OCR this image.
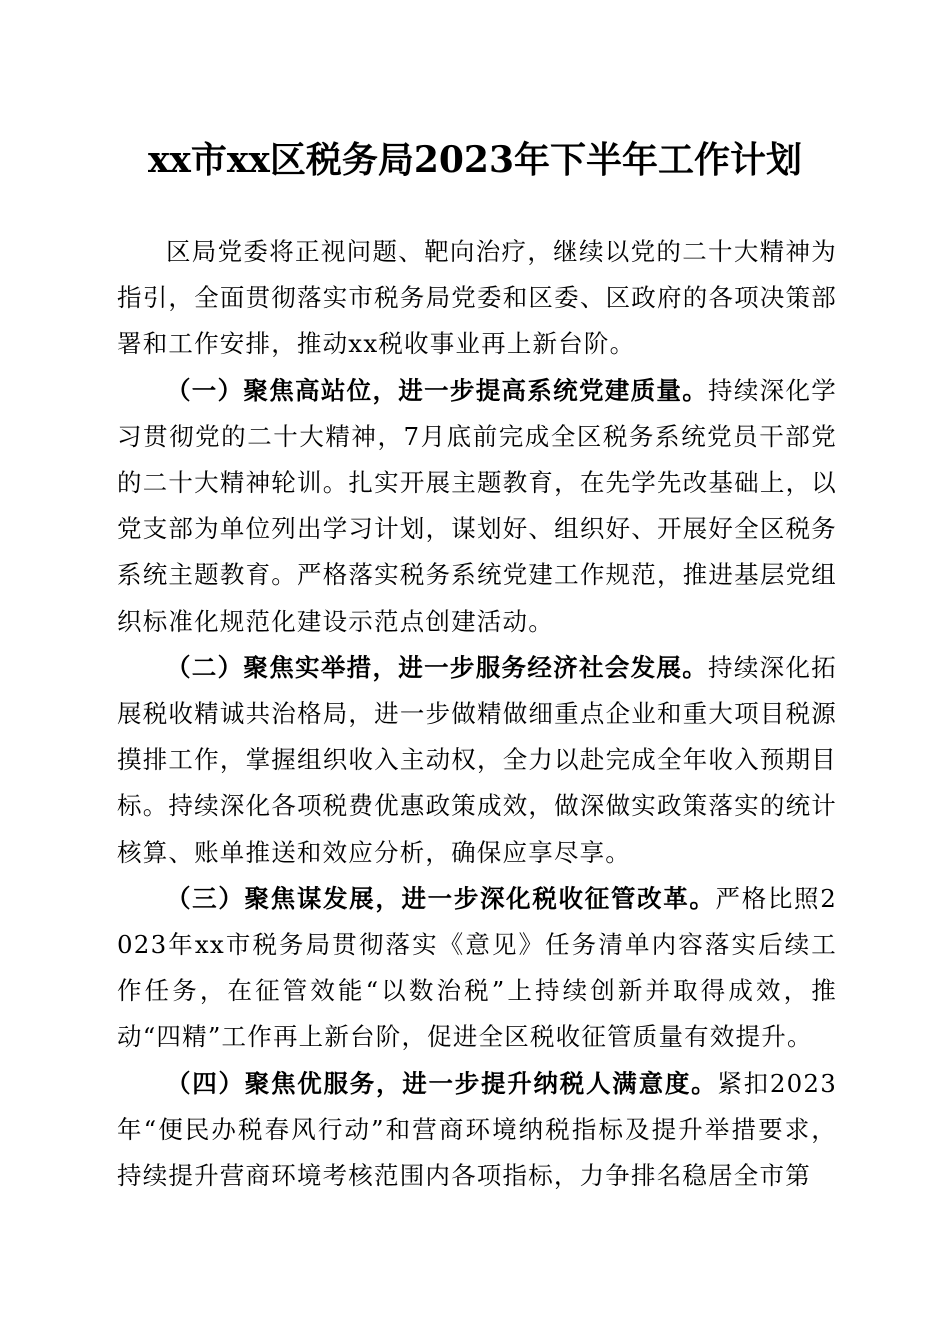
xx市xx区税务局2023年下半年工作计划

区局党委将正视问题、靶向治疗，继续以党的二十大精神为指引，全面贯彻落实市税务局党委和区委、区政府的各项决策部署和工作安排，推动xx税收事业再上新台阶。

（一）聚焦高站位，进一步提高系统党建质量。持续深化学习贯彻党的二十大精神，7月底前完成全区税务系统党员干部党的二十大精神轮训。扎实开展主题教育，在先学先改基础上，以党支部为单位列出学习计划，谋划好、组织好、开展好全区税务系统主题教育。严格落实税务系统党建工作规范，推进基层党组织标准化规范化建设示范点创建活动。

（二）聚焦实举措，进一步服务经济社会发展。持续深化拓展税收精诚共治格局，进一步做精做细重点企业和重大项目税源摸排工作，掌握组织收入主动权，全力以赴完成全年收入预期目标。持续深化各项税费优惠政策成效，做深做实政策落实的统计核算、账单推送和效应分析，确保应享尽享。

（三）聚焦谋发展，进一步深化税收征管改革。严格比照2023年xx市税务局贯彻落实《意见》任务清单内容落实后续工作任务，在征管效能“以数治税”上持续创新并取得成效，推动“四精”工作再上新台阶，促进全区税收征管质量有效提升。

（四）聚焦优服务，进一步提升纳税人满意度。紧扣2023年“便民办税春风行动”和营商环境纳税指标及提升举措要求，持续提升营商环境考核范围内各项指标，力争排名稳居全市第
